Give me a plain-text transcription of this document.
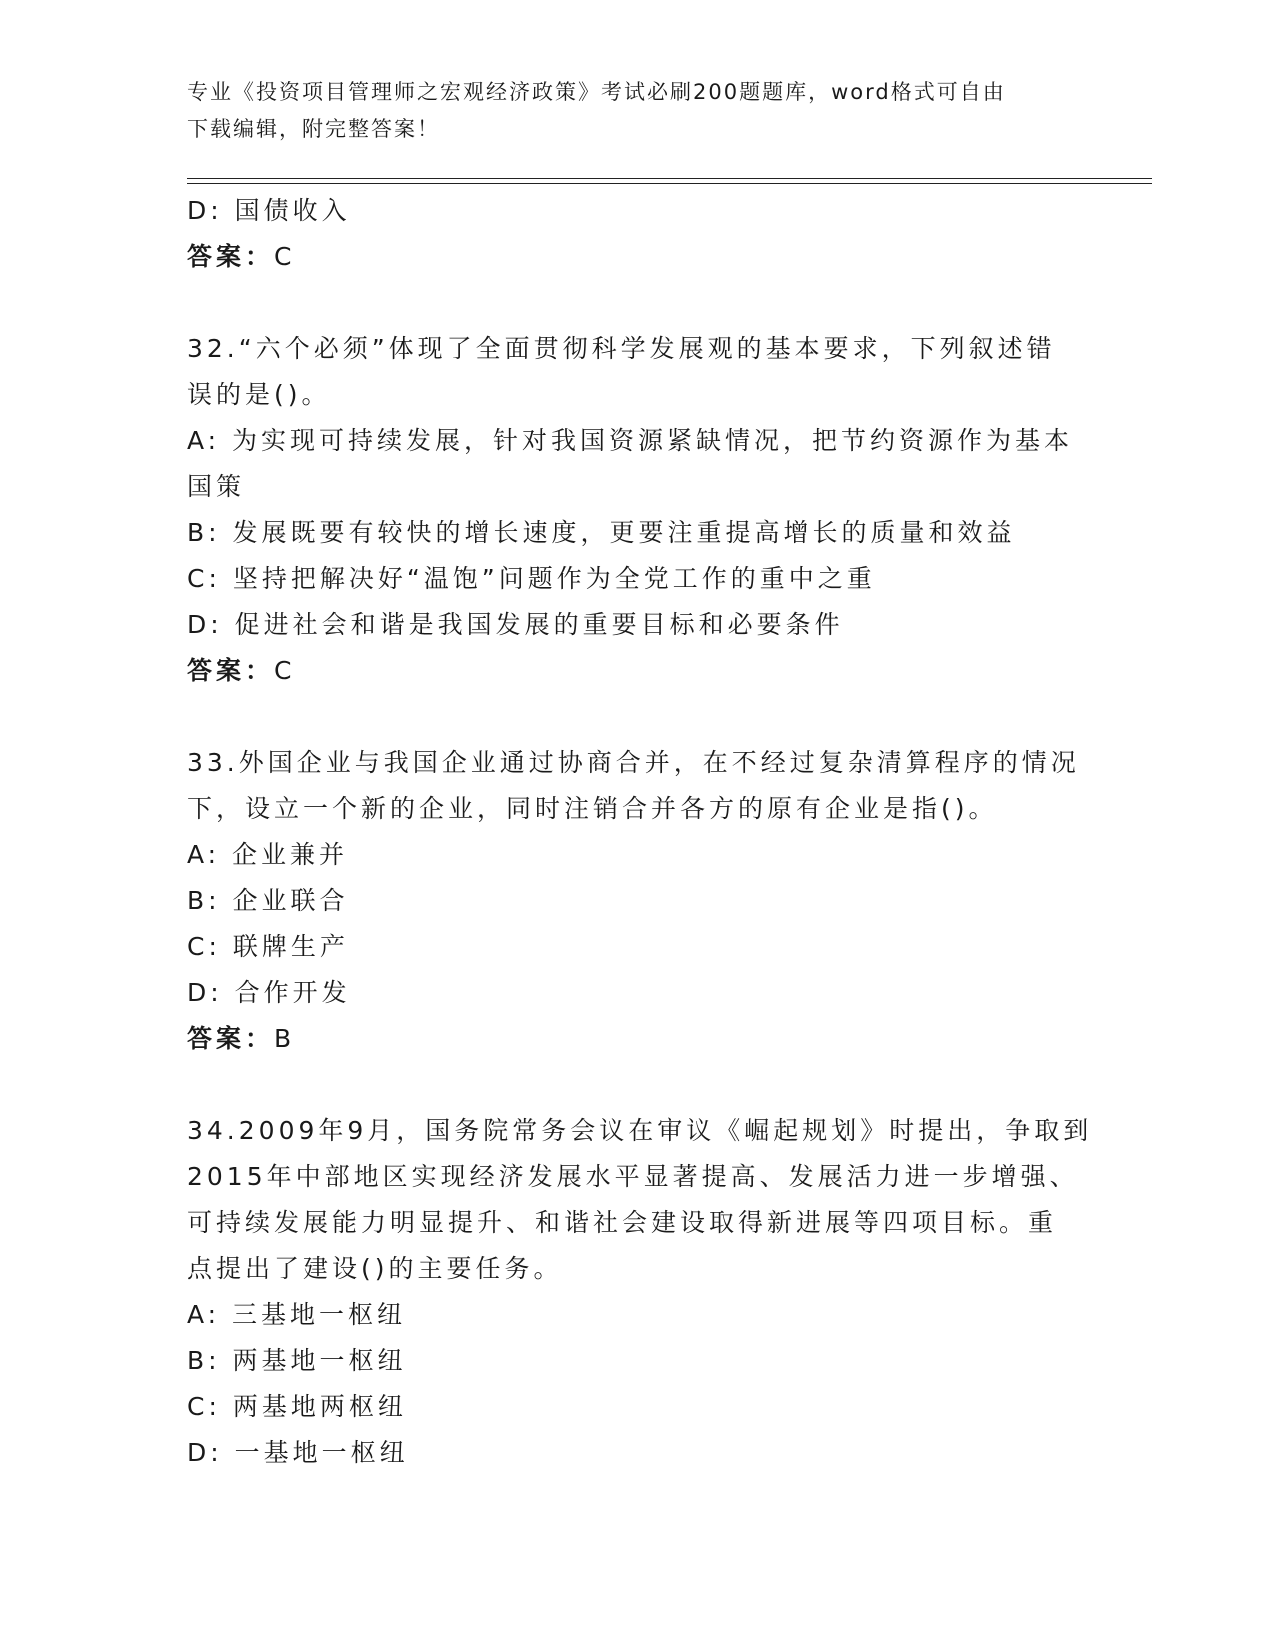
专业《投资项目管理师之宏观经济政策》考试必刷200题题库，word格式可自由
下载编辑，附完整答案！
D: 国债收入
答案：C
32.“六个必须”体现了全面贯彻科学发展观的基本要求，下列叙述错
误的是()。
A: 为实现可持续发展，针对我国资源紧缺情况，把节约资源作为基本
国策
B: 发展既要有较快的增长速度，更要注重提高增长的质量和效益
C: 坚持把解决好“温饱”问题作为全党工作的重中之重
D: 促进社会和谐是我国发展的重要目标和必要条件
答案：C
33.外国企业与我国企业通过协商合并，在不经过复杂清算程序的情况
下，设立一个新的企业，同时注销合并各方的原有企业是指()。
A: 企业兼并
B: 企业联合
C: 联牌生产
D: 合作开发
答案：B
34.2009年9月，国务院常务会议在审议《崛起规划》时提出，争取到
2015年中部地区实现经济发展水平显著提高、发展活力进一步增强、
可持续发展能力明显提升、和谐社会建设取得新进展等四项目标。重
点提出了建设()的主要任务。
A: 三基地一枢纽
B: 两基地一枢纽
C: 两基地两枢纽
D: 一基地一枢纽
